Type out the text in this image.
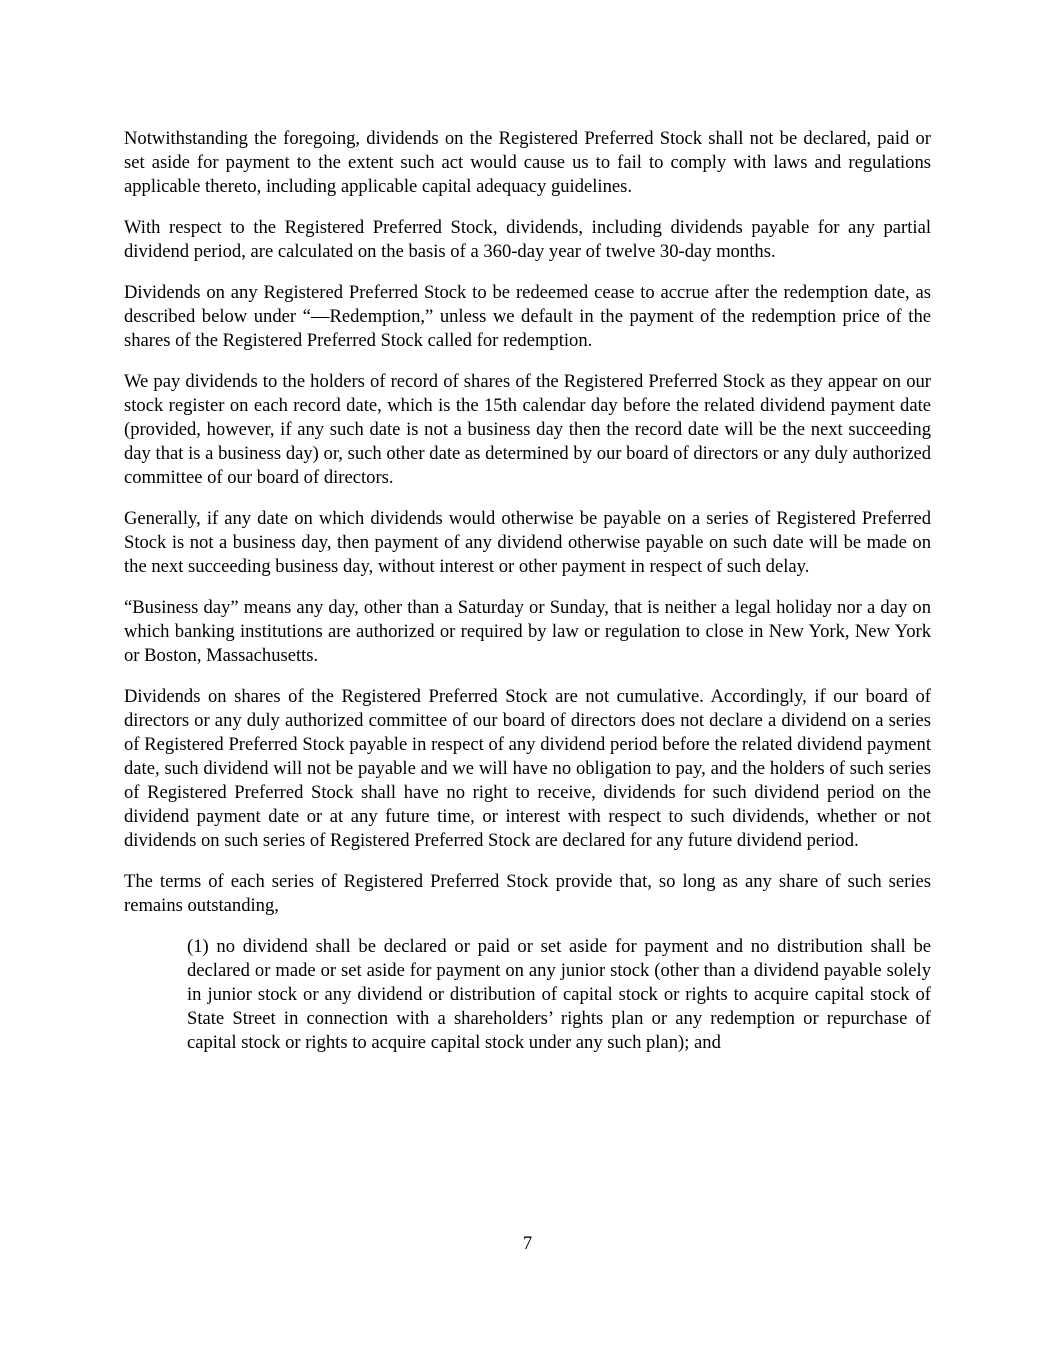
Notwithstanding the foregoing, dividends on the Registered Preferred Stock shall not be declared, paid or set aside for payment to the extent such act would cause us to fail to comply with laws and regulations applicable thereto, including applicable capital adequacy guidelines.

With respect to the Registered Preferred Stock, dividends, including dividends payable for any partial dividend period, are calculated on the basis of a 360-day year of twelve 30-day months.

Dividends on any Registered Preferred Stock to be redeemed cease to accrue after the redemption date, as described below under “—Redemption,” unless we default in the payment of the redemption price of the shares of the Registered Preferred Stock called for redemption.

We pay dividends to the holders of record of shares of the Registered Preferred Stock as they appear on our stock register on each record date, which is the 15th calendar day before the related dividend payment date (provided, however, if any such date is not a business day then the record date will be the next succeeding day that is a business day) or, such other date as determined by our board of directors or any duly authorized committee of our board of directors.

Generally, if any date on which dividends would otherwise be payable on a series of Registered Preferred Stock is not a business day, then payment of any dividend otherwise payable on such date will be made on the next succeeding business day, without interest or other payment in respect of such delay.

“Business day” means any day, other than a Saturday or Sunday, that is neither a legal holiday nor a day on which banking institutions are authorized or required by law or regulation to close in New York, New York or Boston, Massachusetts.

Dividends on shares of the Registered Preferred Stock are not cumulative. Accordingly, if our board of directors or any duly authorized committee of our board of directors does not declare a dividend on a series of Registered Preferred Stock payable in respect of any dividend period before the related dividend payment date, such dividend will not be payable and we will have no obligation to pay, and the holders of such series of Registered Preferred Stock shall have no right to receive, dividends for such dividend period on the dividend payment date or at any future time, or interest with respect to such dividends, whether or not dividends on such series of Registered Preferred Stock are declared for any future dividend period.

The terms of each series of Registered Preferred Stock provide that, so long as any share of such series remains outstanding,

(1) no dividend shall be declared or paid or set aside for payment and no distribution shall be declared or made or set aside for payment on any junior stock (other than a dividend payable solely in junior stock or any dividend or distribution of capital stock or rights to acquire capital stock of State Street in connection with a shareholders’ rights plan or any redemption or repurchase of capital stock or rights to acquire capital stock under any such plan); and

7
